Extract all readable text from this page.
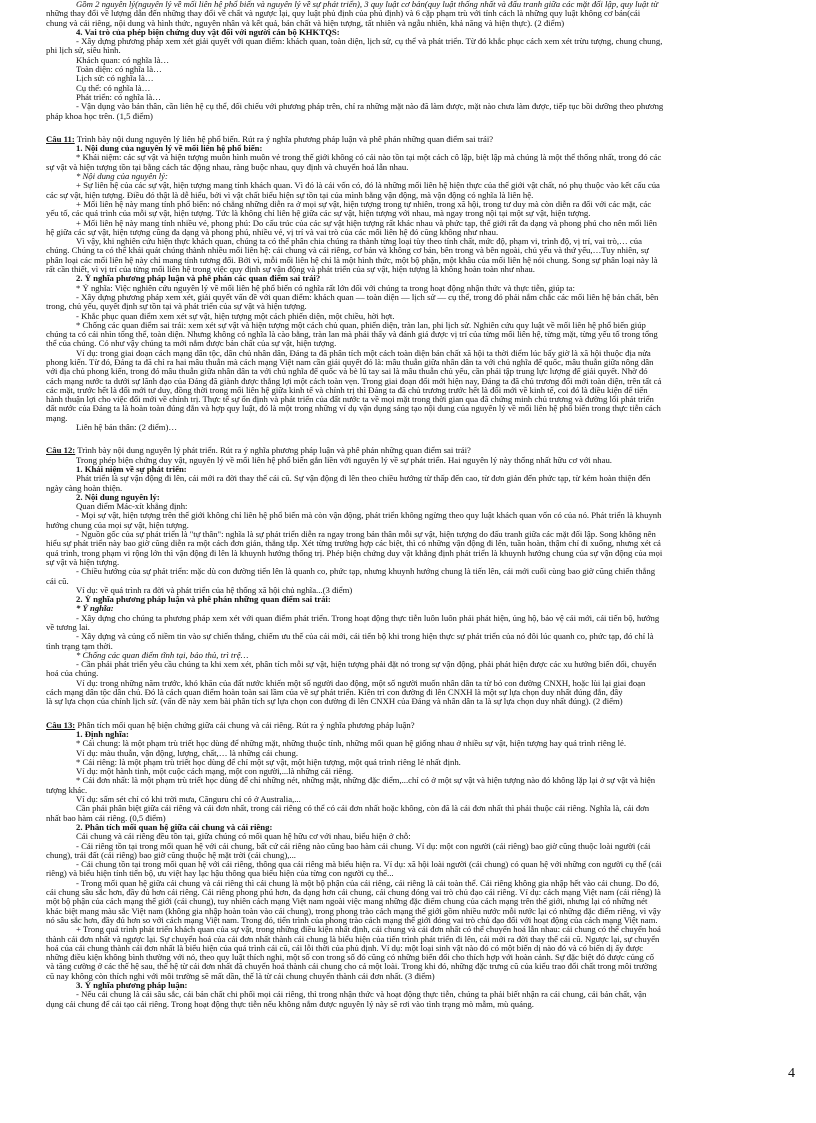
Gồm 2 nguyên lý(nguyên lý về mối liên hệ phổ biến và nguyên lý về sự phát triển), 3 quy luật cơ bản(quy luật thống nhất và đấu tranh giữa các mặt đối lập, quy luật từ
những thay đổi về lượng dẫn đến những thay đổi về chất và ngược lại, quy luật phủ định của phủ định) và 6 cặp phạm trù với tính cách là những quy luật không cơ bản(cái
chung và cái riêng, nội dung và hình thức, nguyên nhân và kết quả, bản chất và hiện tượng, tất nhiên và ngẫu nhiên, khả năng và hiện thực). (2 điểm)
4. Vai trò của phép biện chứng duy vật đối với người cán bộ KHKTQS:
- Xây dựng phương pháp xem xét giải quyết với quan điểm: khách quan, toàn diện, lịch sử, cụ thể và phát triển. Từ đó khắc phục cách xem xét trừu tượng, chung chung,
phi lịch sử, siêu hình.
Khách quan: có nghĩa là…
Toàn diện: có nghĩa là…
Lịch sử: có nghĩa là…
Cụ thể: có nghĩa là…
Phát triển: có nghĩa là…
- Vận dụng vào bản thân, cần liên hệ cụ thể, đối chiếu với phương pháp trên, chỉ ra những mặt nào đã làm được, mặt nào chưa làm được, tiếp tục bồi dưỡng theo phương
pháp khoa học trên. (1,5 điểm)
Câu 11: Trình bày nội dung nguyên lý liên hệ phổ biến. Rút ra ý nghĩa phương pháp luận và phê phán những quan điểm sai trái?
1. Nội dung của nguyên lý về mối liên hệ phổ biến:
* Khái niệm: các sự vật và hiện tượng muôn hình muôn vẻ trong thế giới không có cái nào tồn tại một cách cô lập, biệt lập mà chúng là một thể thống nhất, trong đó các
sự vật và hiện tượng tồn tại bằng cách tác động nhau, ràng buộc nhau, quy định và chuyển hoá lẫn nhau.
* Nội dung của nguyên lý:
+ Sự liên hệ của các sự vật, hiện tượng mang tính khách quan. Vì đó là cái vốn có, đó là những mối liên hệ hiện thực của thế giới vật chất, nó phụ thuộc vào kết cấu của
các sự vật, hiện tượng. Điều đó thật là dễ hiểu, bởi vì vật chất biểu hiện sự tồn tại của mình bằng vận động, mà vận động có nghĩa là liên hệ.
+ Mối liên hệ này mang tính phổ biến: nó chẳng những diễn ra ở mọi sự vật, hiện tượng trong tự nhiên, trong xã hội, trong tư duy mà còn diễn ra đối với các mặt, các
yếu tố, các quá trình của mỗi sự vật, hiện tượng. Tức là không chỉ liên hệ giữa các sự vật, hiện tượng với nhau, mà ngay trong nội tại một sự vật, hiện tượng.
+ Mối liên hệ này mang tính nhiều vẻ, phong phú: Do cấu trúc của các sự vật hiện tượng rất khác nhau và phức tạp, thế giới rất đa dạng và phong phú cho nên mối liên
hệ giữa các sự vật, hiện tượng cũng đa dạng và phong phú, nhiều vẻ, vị trí và vai trò của các mối liên hệ đó cũng không như nhau.
Vì vậy, khi nghiên cứu hiện thực khách quan, chúng ta có thể phân chia chúng ra thành từng loại tùy theo tính chất, mức độ, phạm vi, trình độ, vị trí, vai trò,… của
chúng. Chúng ta có thể khái quát chúng thành nhiều mối liên hệ: cái chung và cái riêng, cơ bản và không cơ bản, bên trong và bên ngoài, chủ yếu và thứ yếu,…Tuy nhiên, sự
phân loại các mối liên hệ này chỉ mang tính tương đối. Bởi vì, mỗi mối liên hệ chỉ là một hình thức, một bộ phận, một khâu của mối liên hệ nói chung. Song sự phân loại này là
rất cần thiết, vì vị trí của từng mối liên hệ trong việc quy định sự vận động và phát triển của sự vật, hiện tượng là không hoàn toàn như nhau.
2. Ý nghĩa phương pháp luận và phê phán các quan điểm sai trái?
* Ý nghĩa: Việc nghiên cứu nguyên lý về mối liên hệ phổ biến có nghĩa rất lớn đối với chúng ta trong hoạt động nhận thức và thực tiễn, giúp ta:
- Xây dựng phương pháp xem xét, giải quyết vấn đề với quan điểm: khách quan — toàn diện — lịch sử — cụ thể, trong đó phải nắm chắc các mối liên hệ bản chất, bên
trong, chủ yếu, quyết định sự tồn tại và phát triển của sự vật và hiện tượng.
- Khắc phục quan điểm xem xét sự vật, hiện tượng một cách phiến diện, một chiều, hời hợt.
* Chống các quan điểm sai trái: xem xét sự vật và hiện tượng một cách chủ quan, phiến diện, tràn lan, phi lịch sử. Nghiên cứu quy luật về mối liên hệ phổ biến giúp
chúng ta có cái nhìn tổng thể, toàn diện. Nhưng không có nghĩa là cào bằng, tràn lan mà phải thấy và đánh giá được vị trí của từng mối liên hệ, từng mặt, từng yếu tố trong tổng
thể của chúng. Có như vậy chúng ta mới nắm được bản chất của sự vật, hiện tượng.
Ví dụ: trong giai đoạn cách mạng dân tộc, dân chủ nhân dân, Đảng ta đã phân tích một cách toàn diện bản chất xã hội ta thời điểm lúc bấy giờ là xã hội thuộc địa nửa
phong kiến. Từ đó, Đảng ta đã chỉ ra hai mâu thuẫn mà cách mạng Việt nam cần giải quyết đó là: mâu thuẫn giữa nhân dân ta với chủ nghĩa đế quốc, mâu thuẫn giữa nông dân
với địa chủ phong kiến, trong đó mâu thuẫn giữa nhân dân ta với chủ nghĩa đế quốc và bè lũ tay sai là mâu thuẫn chủ yếu, cần phải tập trung lực lượng để giải quyết. Nhờ đó
cách mạng nước ta dưới sự lãnh đạo của Đảng đã giành được thắng lợi một cách toàn vẹn. Trong giai đoạn đổi mới hiện nay, Đảng ta đã chủ trương đổi mới toàn diện, trên tất cả
các mặt, trước hết là đổi mới tư duy, đồng thời trong mối liên hệ giữa kinh tế và chính trị thì Đảng ta đã chủ trương trước hết là đổi mới về kinh tế, coi đó là điều kiện để tiến
hành thuận lợi cho việc đổi mới về chính trị. Thực tế sự ổn định và phát triển của đất nước ta về mọi mặt trong thời gian qua đã chứng minh chủ trương và đường lối phát triển
đất nước của Đảng ta là hoàn toàn đúng đắn và hợp quy luật, đó là một trong những ví dụ vận dụng sáng tạo nội dung của nguyên lý về mối liên hệ phổ biến trong thực tiễn cách
mạng.
Liên hệ bản thân: (2 điểm)…
Câu 12: Trình bày nội dung nguyên lý phát triển. Rút ra ý nghĩa phương pháp luận và phê phán những quan điểm sai trái?
Trong phép biện chứng duy vật, nguyên lý về mối liên hệ phổ biến gắn liền với nguyên lý về sự phát triển. Hai nguyên lý này thống nhất hữu cơ với nhau.
1. Khái niệm về sự phát triển:
Phát triển là sự vận động đi lên, cái mới ra đời thay thế cái cũ. Sự vận động đi lên theo chiều hướng từ thấp đến cao, từ đơn giản đến phức tạp, từ kém hoàn thiện đến
ngày càng hoàn thiện.
2. Nội dung nguyên lý:
Quan điểm Mác-xít khẳng định:
- Mọi sự vật, hiện tượng trên thế giới không chỉ liên hệ phổ biến mà còn vận động, phát triển không ngừng theo quy luật khách quan vốn có của nó. Phát triển là khuynh
hướng chung của mọi sự vật, hiện tượng.
- Nguồn gốc của sự phát triển là "tự thân": nghĩa là sự phát triển diễn ra ngay trong bản thân mỗi sự vật, hiện tượng do đấu tranh giữa các mặt đối lập. Song không nên
hiểu sự phát triển này bao giờ cũng diễn ra một cách đơn giản, thẳng tắp. Xét từng trường hợp các biệt, thì có những vận động đi lên, tuần hoàn, thậm chí đi xuống, nhưng xét cả
quá trình, trong phạm vi rộng lớn thì vận động đi lên là khuynh hướng thống trị. Phép biện chứng duy vật khẳng định phát triển là khuynh hướng chung của sự vận động của mọi
sự vật và hiện tượng.
- Chiều hướng của sự phát triển: mặc dù con đường tiến lên là quanh co, phức tạp, nhưng khuynh hướng chung là tiến lên, cái mới cuối cùng bao giờ cũng chiến thắng
cái cũ.
Ví dụ: về quá trình ra đời và phát triển của hệ thống xã hội chủ nghĩa...(3 điểm)
2. Ý nghĩa phương pháp luận và phê phán những quan điểm sai trái:
* Ý nghĩa:
- Xây dựng cho chúng ta phương pháp xem xét với quan điểm phát triển. Trong hoạt động thực tiễn luôn luôn phải phát hiện, ủng hộ, bảo vệ cái mới, cái tiến bộ, hướng
về tương lai.
- Xây dựng và củng cố niềm tin vào sự chiến thắng, chiếm ưu thế của cái mới, cái tiến bộ khi trong hiện thực sự phát triển của nó đôi lúc quanh co, phức tạp, đó chỉ là
tình trạng tạm thời.
* Chống các quan điểm tĩnh tại, bảo thủ, trì trệ…
- Cần phải phát triển yêu cầu chúng ta khi xem xét, phân tích mỗi sự vật, hiện tượng phải đặt nó trong sự vận động, phải phát hiện được các xu hướng biến đổi, chuyển
hoá của chúng.
Ví dụ: trong những năm trước, khó khăn của đất nước khiến một số người dao động, một số người muốn nhân dân ta từ bỏ con đường CNXH, hoặc lùi lại giai đoạn
cách mạng dân tộc dân chủ. Đó là cách quan điểm hoàn toàn sai lầm của về sự phát triển. Kiên trì con đường đi lên CNXH là một sự lựa chọn duy nhất đúng đắn, đây
là sự lựa chọn của chính lịch sử. (vấn đề này xem bài phân tích sự lựa chọn con đường đi lên CNXH của Đảng và nhân dân ta là sự lựa chọn duy nhất đúng). (2 điểm)
Câu 13: Phân tích mối quan hệ biện chứng giữa cái chung và cái riêng. Rút ra ý nghĩa phương pháp luận?
1. Định nghĩa:
* Cái chung: là một phạm trù triết học dùng để những mặt, những thuộc tính, những mối quan hệ giống nhau ở nhiều sự vật, hiện tượng hay quá trình riêng lẻ.
Ví dụ: màu thuẫn, vận động, lượng, chất,… là những cái chung.
* Cái riêng: là một phạm trù triết học dùng để chỉ một sự vật, một hiện tượng, một quá trình riêng lẻ nhất định.
Ví dụ: một hành tinh, một cuộc cách mạng, một con người,...là những cái riêng.
* Cái đơn nhất: là một phạm trù triết học dùng để chỉ những nét, những mặt, những đặc điểm,...chỉ có ở một sự vật và hiện tượng nào đó không lặp lại ở sự vật và hiện
tượng khác.
Ví dụ: sấm sét chỉ có khi trời mưa, Cănguru chỉ có ở Australia,...
Cần phải phân biệt giữa cái riêng và cái đơn nhất, trong cái riêng có thể có cái đơn nhất hoặc không, còn đã là cái đơn nhất thì phải thuộc cái riêng. Nghĩa là, cái đơn
nhất bao hàm cái riêng. (0,5 điểm)
2. Phân tích mối quan hệ giữa cái chung và cái riêng:
Cái chung và cái riêng đều tồn tại, giữa chúng có mối quan hệ hữu cơ với nhau, biểu hiện ở chỗ:
- Cái riêng tồn tại trong mối quan hệ với cái chung, bất cứ cái riêng nào cũng bao hàm cái chung. Ví dụ: một con người (cái riêng) bao giờ cũng thuộc loài người (cái
chung), trái đất (cái riêng) bao giờ cũng thuộc hệ mặt trời (cái chung),...
- Cái chung tồn tại trong mối quan hệ với cái riêng, thông qua cái riêng mà biểu hiện ra. Ví dụ: xã hội loài người (cái chung) có quan hệ với những con người cụ thể (cái
riêng) và biểu hiện tính tiến bộ, ưu việt hay lạc hậu thông qua biểu hiện của từng con người cụ thể...
- Trong mối quan hệ giữa cái chung và cái riêng thì cái chung là một bộ phận của cái riêng, cái riêng là cái toàn thể. Cái riêng không gia nhập hết vào cái chung. Do đó,
cái chung sâu sắc hơn, đầy đủ hơn cái riêng. Cái riêng phong phú hơn, đa dạng hơn cái chung, cái chung đóng vai trò chủ đạo cái riêng. Ví dụ: cách mạng Việt nam (cái riêng) là
một bộ phận của cách mạng thế giới (cái chung), tuy nhiên cách mạng Việt nam ngoài việc mang những đặc điểm chung của cách mạng trên thế giới, nhưng lại có những nét
khác biệt mang màu sắc Việt nam (không gia nhập hoàn toàn vào cái chung), trong phong trào cách mạng thế giới gồm nhiều nước mỗi nước lại có những đặc điểm riêng, vì vậy
nó sâu sắc hơn, đầy đủ hơn so với cách mạng Việt nam. Trong đó, tiến trình của phong trào cách mạng thế giới đóng vai trò chủ đạo đối với hoạt động của cách mạng Việt nam.
+ Trong quá trình phát triển khách quan của sự vật, trong những điều kiện nhất định, cái chung và cái đơn nhất có thể chuyển hoá lẫn nhau: cái chung có thể chuyển hoá
thành cái đơn nhất và ngược lại. Sự chuyển hoá của cái đơn nhất thành cái chung là biểu hiện của tiến trình phát triển đi lên, cái mới ra đời thay thế cái cũ. Ngược lại, sự chuyển
hoá của cái chung thành cái đơn nhất là biểu hiện của quá trình cái cũ, cái lỗi thời của phủ định. Ví dụ: một loại sinh vật nào đó có một biến dị nào đó và có biến dị ấy được
những điều kiện không bình thường với nó, theo quy luật thích nghi, một số con trong số đó cũng có những biến đổi cho thích hợp với hoàn cảnh. Sự đặc biệt đó được củng cố
và tăng cường ở các thế hệ sau, thế hệ từ cái đơn nhất đã chuyển hoá thành cái chung cho cả một loài. Trong khi đó, những đặc trưng cũ của kiểu trao đổi chất trong môi trường
cũ nay không còn thích nghi với môi trường sẽ mất dần, thế là từ cái chung chuyển thành cái đơn nhất. (3 điểm)
3. Ý nghĩa phương pháp luận:
- Nếu cái chung là cái sâu sắc, cái bản chất chi phối mọi cái riêng, thì trong nhận thức và hoạt động thực tiễn, chúng ta phải biết nhận ra cái chung, cái bản chất, vận
dụng cái chung để cải tạo cái riêng. Trong hoạt động thực tiễn nếu không nắm được nguyên lý này sẽ rơi vào tình trạng mò mẫm, mù quáng.
4
